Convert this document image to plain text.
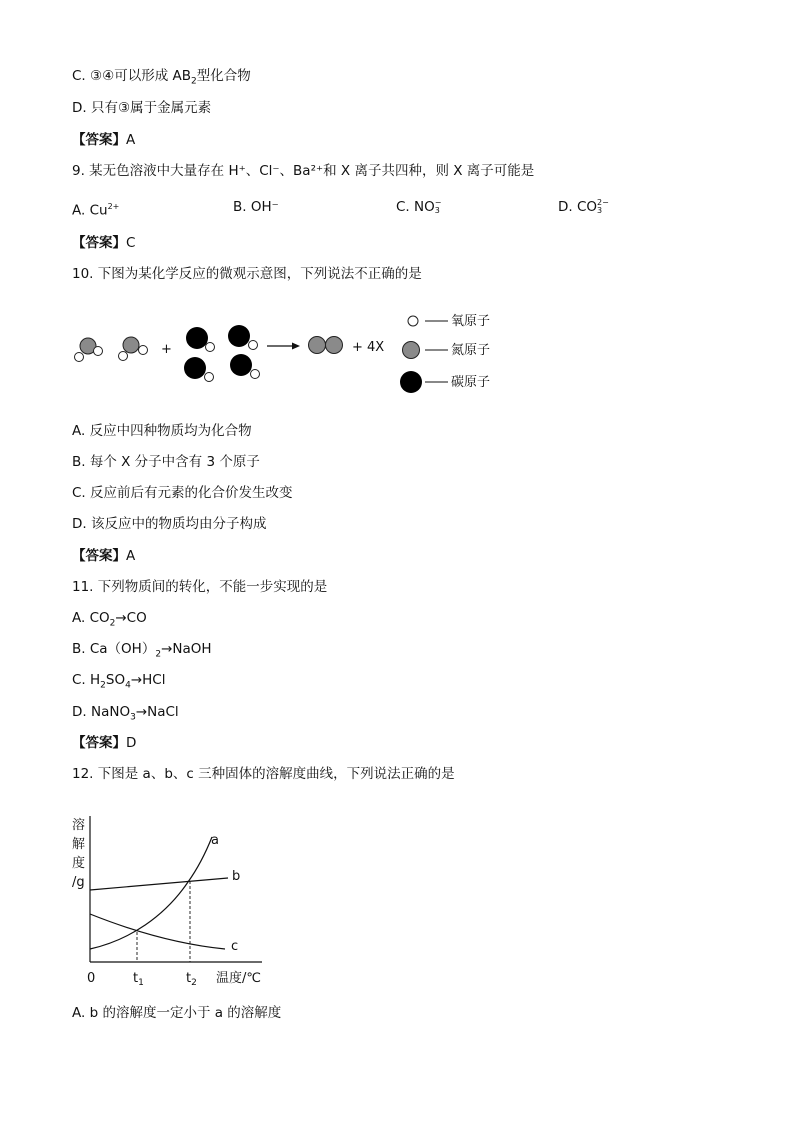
C. ③④可以形成 $AB_2$型化合物
D. 只有③属于金属元素
【答案】A
9. 某无色溶液中大量存在 H⁺、Cl⁻、Ba²⁺和 X 离子共四种，则 X 离子可能是
A. $Cu^{2+}$	B. OH⁻	C. NO −
3	D. CO 2−
3
【答案】C
10. 下图为某化学反应的微观示意图，下列说法不正确的是
+	+ 4X
氧原子
氮原子
碳原子
A. 反应中四种物质均为化合物
B. 每个 X 分子中含有 3 个原子
C. 反应前后有元素的化合价发生改变
D. 该反应中的物质均由分子构成
【答案】A
11. 下列物质间的转化，不能一步实现的是
A. $CO_2\to CO$
B. $Ca(OH)_2\to NaOH$
C. $H_2SO_4\to HCl$
D. NaNO$_3$→NaCl
【答案】D
12. 下图是 a、b、c 三种固体的溶解度曲线，下列说法正确的是
溶
解
度
/g
a
b
c
0	$t_1$	$t_2$ 温度/℃
A. b 的溶解度一定小于 a 的溶解度
